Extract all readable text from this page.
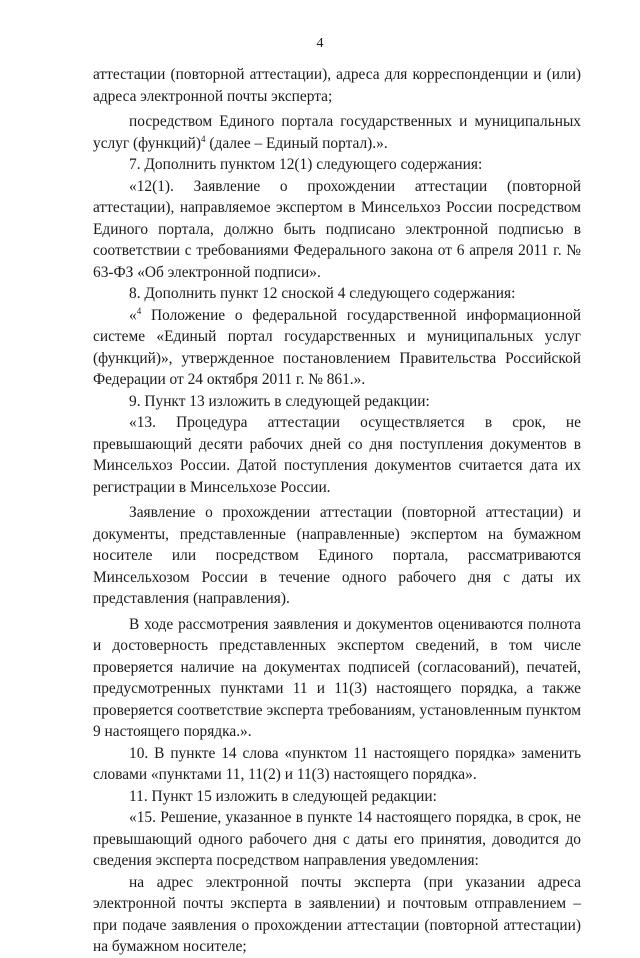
4

аттестации (повторной аттестации), адреса для корреспонденции и (или) адреса электронной почты эксперта;

посредством Единого портала государственных и муниципальных услуг (функций)$^4$ (далее – Единый портал).».

7. Дополнить пунктом 12(1) следующего содержания:

«12(1). Заявление о прохождении аттестации (повторной аттестации), направляемое экспертом в Минсельхоз России посредством Единого портала, должно быть подписано электронной подписью в соответствии с требованиями Федерального закона от 6 апреля 2011 г. № 63-ФЗ «Об электронной подписи».

8. Дополнить пункт 12 сноской 4 следующего содержания:

«$^4$ Положение о федеральной государственной информационной системе «Единый портал государственных и муниципальных услуг (функций)», утвержденное постановлением Правительства Российской Федерации от 24 октября 2011 г. № 861.».

9. Пункт 13 изложить в следующей редакции:

«13. Процедура аттестации осуществляется в срок, не превышающий десяти рабочих дней со дня поступления документов в Минсельхоз России. Датой поступления документов считается дата их регистрации в Минсельхозе России.

Заявление о прохождении аттестации (повторной аттестации) и документы, представленные (направленные) экспертом на бумажном носителе или посредством Единого портала, рассматриваются Минсельхозом России в течение одного рабочего дня с даты их представления (направления).

В ходе рассмотрения заявления и документов оцениваются полнота и достоверность представленных экспертом сведений, в том числе проверяется наличие на документах подписей (согласований), печатей, предусмотренных пунктами 11 и 11(3) настоящего порядка, а также проверяется соответствие эксперта требованиям, установленным пунктом 9 настоящего порядка.».

10. В пункте 14 слова «пунктом 11 настоящего порядка» заменить словами «пунктами 11, 11(2) и 11(3) настоящего порядка».

11. Пункт 15 изложить в следующей редакции:

«15. Решение, указанное в пункте 14 настоящего порядка, в срок, не превышающий одного рабочего дня с даты его принятия, доводится до сведения эксперта посредством направления уведомления:

на адрес электронной почты эксперта (при указании адреса электронной почты эксперта в заявлении) и почтовым отправлением – при подаче заявления о прохождении аттестации (повторной аттестации) на бумажном носителе;
